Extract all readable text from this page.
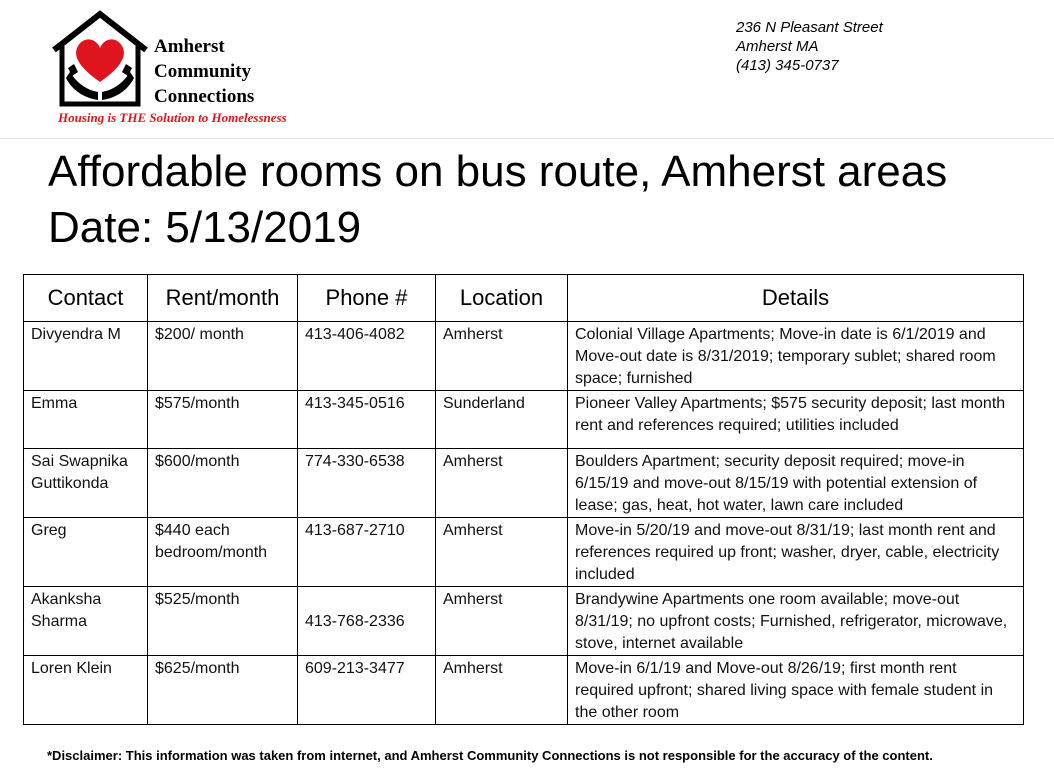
Amherst
Community
Connections
Housing is THE Solution to Homelessness
236 N Pleasant Street
Amherst MA
(413) 345-0737
Affordable rooms on bus route, Amherst areas
Date: 5/13/2019
Contact	Rent/month	Phone #	Location	Details
Divyendra M	$200/ month	413-406-4082	Amherst	Colonial Village Apartments; Move-in date is 6/1/2019 and Move-out date is 8/31/2019; temporary sublet; shared room space; furnished
Emma	$575/month	413-345-0516	Sunderland	Pioneer Valley Apartments; $575 security deposit; last month rent and references required; utilities included
Sai Swapnika Guttikonda	$600/month	774-330-6538	Amherst	Boulders Apartment; security deposit required; move-in 6/15/19 and move-out 8/15/19 with potential extension of lease; gas, heat, hot water, lawn care included
Greg	$440 each bedroom/month	413-687-2710	Amherst	Move-in 5/20/19 and move-out 8/31/19; last month rent and references required up front; washer, dryer, cable, electricity included
Akanksha Sharma	$525/month	413-768-2336	Amherst	Brandywine Apartments one room available; move-out 8/31/19; no upfront costs; Furnished, refrigerator, microwave, stove, internet available
Loren Klein	$625/month	609-213-3477	Amherst	Move-in 6/1/19 and Move-out 8/26/19; first month rent required upfront; shared living space with female student in the other room
*Disclaimer: This information was taken from internet, and Amherst Community Connections is not responsible for the accuracy of the content.
